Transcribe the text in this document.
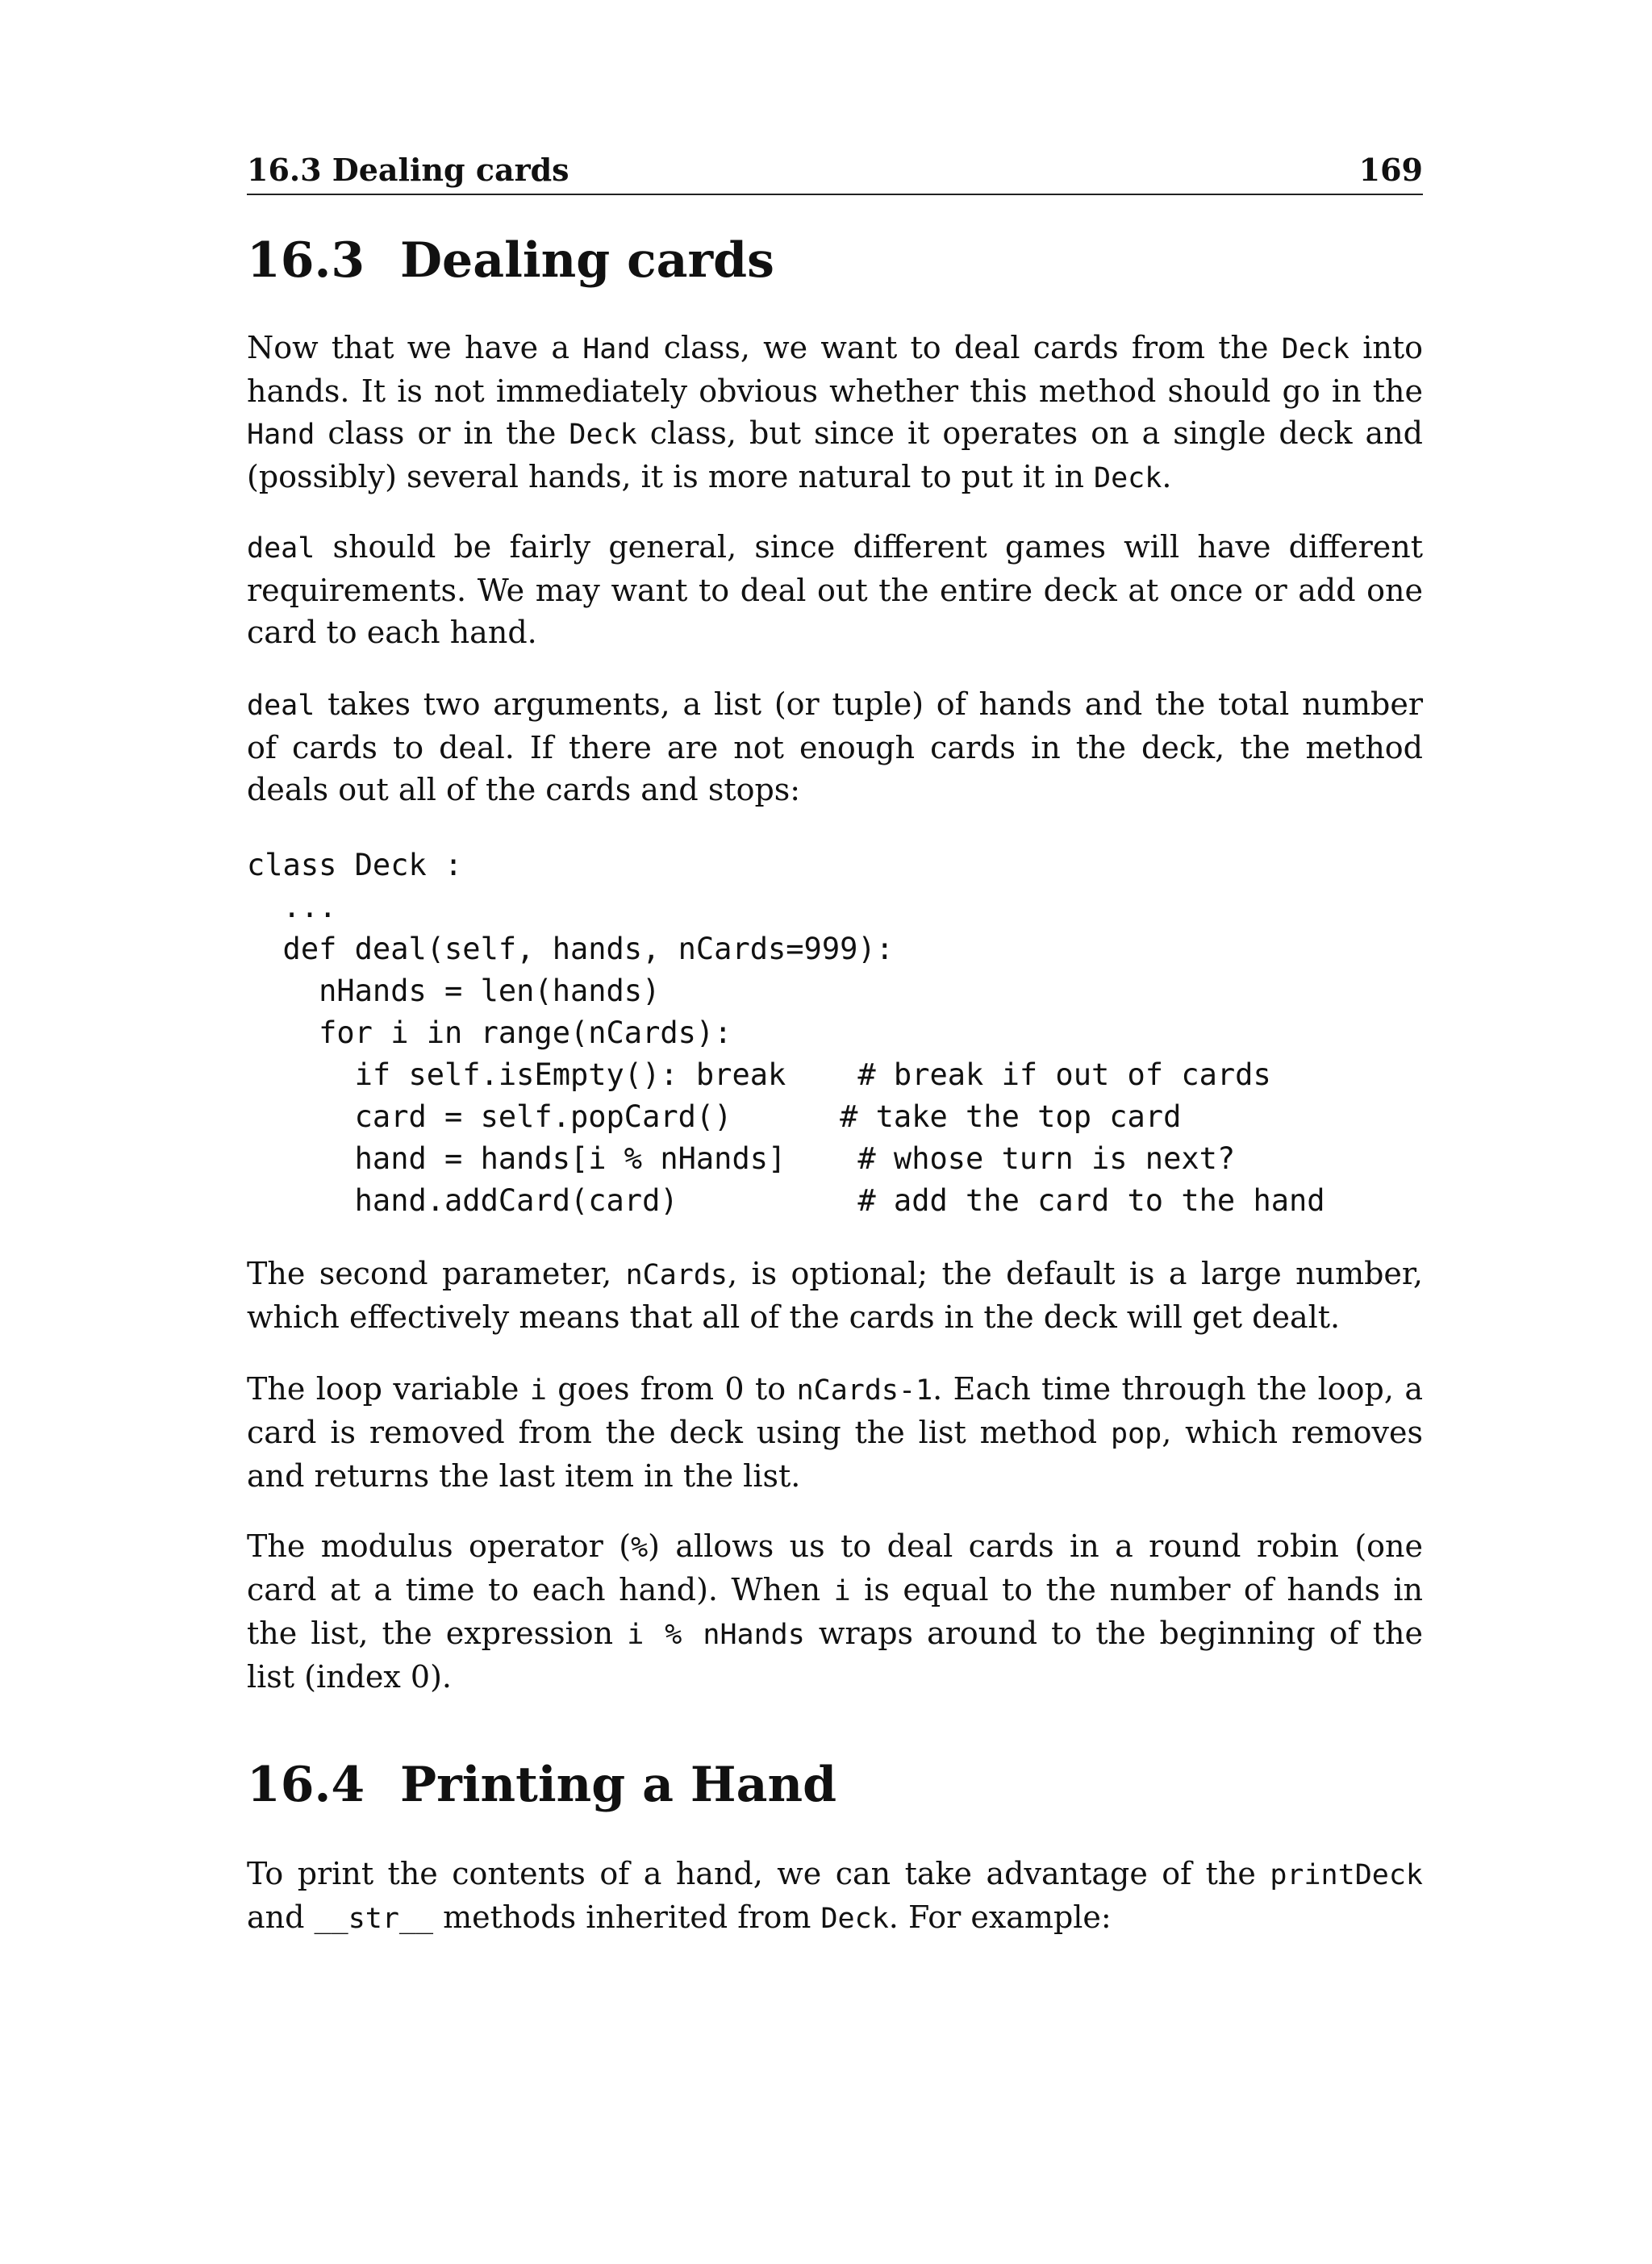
16.3 Dealing cards	169
16.3 Dealing cards

Now that we have a Hand class, we want to deal cards from the Deck into hands. It is not immediately obvious whether this method should go in the Hand class or in the Deck class, but since it operates on a single deck and (possibly) several hands, it is more natural to put it in Deck.

deal should be fairly general, since different games will have different requirements. We may want to deal out the entire deck at once or add one card to each hand.

deal takes two arguments, a list (or tuple) of hands and the total number of cards to deal. If there are not enough cards in the deck, the method deals out all of the cards and stops:

class Deck :
...
def deal(self, hands, nCards=999):
nHands = len(hands)
for i in range(nCards):
if self.isEmpty(): break    # break if out of cards
card = self.popCard()      # take the top card
hand = hands[i % nHands]    # whose turn is next?
hand.addCard(card)          # add the card to the hand

The second parameter, nCards, is optional; the default is a large number, which effectively means that all of the cards in the deck will get dealt.

The loop variable i goes from 0 to nCards-1. Each time through the loop, a card is removed from the deck using the list method pop, which removes and returns the last item in the list.

The modulus operator (%) allows us to deal cards in a round robin (one card at a time to each hand). When i is equal to the number of hands in the list, the expression i % nHands wraps around to the beginning of the list (index 0).

16.4 Printing a Hand

To print the contents of a hand, we can take advantage of the printDeck and __str__ methods inherited from Deck. For example:
